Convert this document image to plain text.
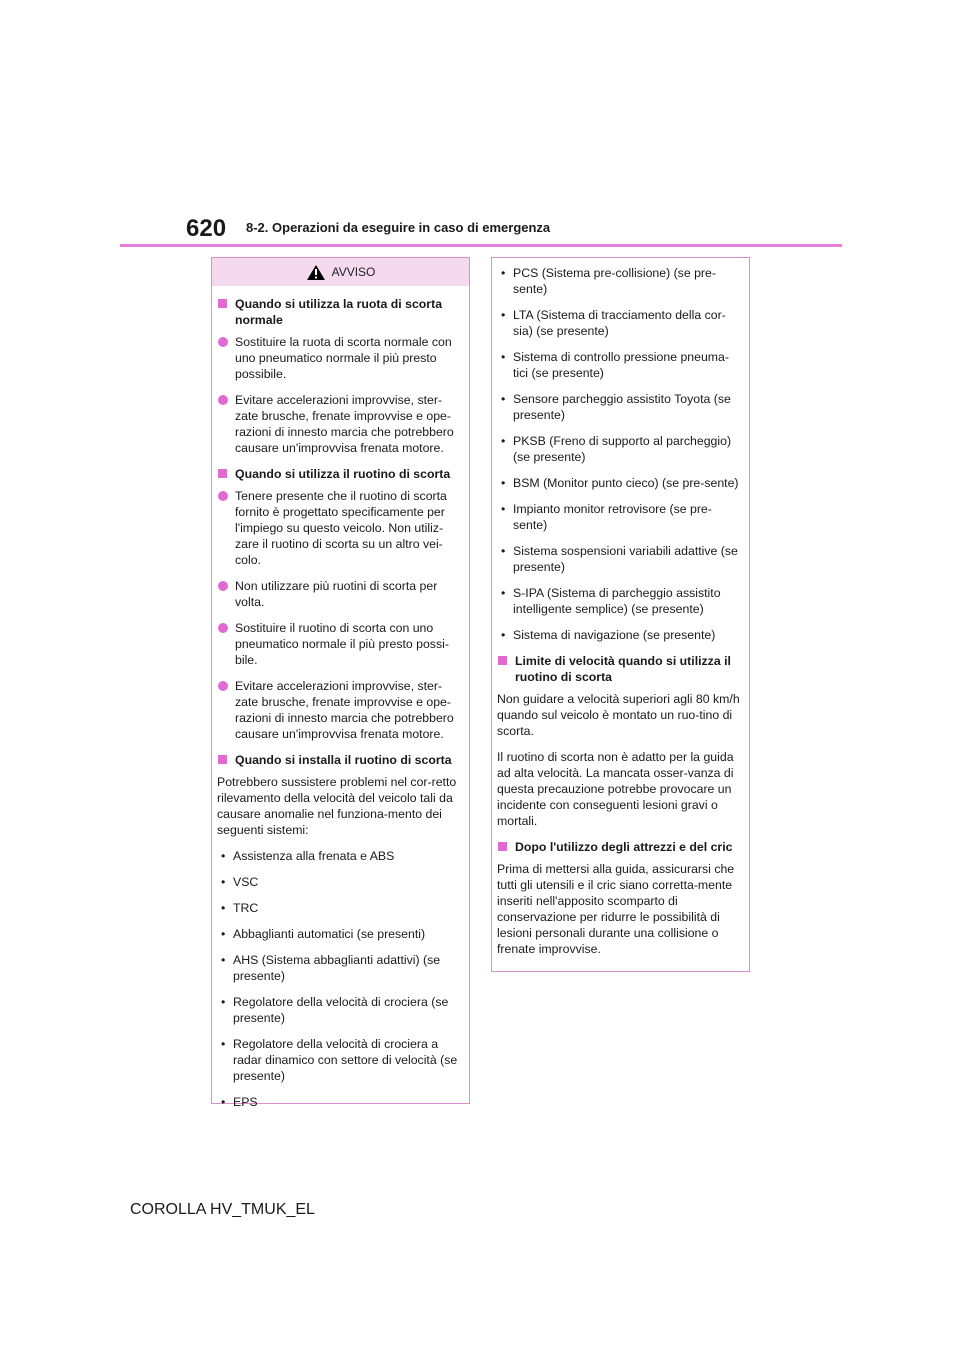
620 8-2. Operazioni da eseguire in caso di emergenza
AVVISO
Quando si utilizza la ruota di scorta normale
Sostituire la ruota di scorta normale con uno pneumatico normale il più presto possibile.
Evitare accelerazioni improvvise, ster-zate brusche, frenate improvvise e ope-razioni di innesto marcia che potrebbero causare un'improvvisa frenata motore.
Quando si utilizza il ruotino di scorta
Tenere presente che il ruotino di scorta fornito è progettato specificamente per l'impiego su questo veicolo. Non utiliz-zare il ruotino di scorta su un altro vei-colo.
Non utilizzare più ruotini di scorta per volta.
Sostituire il ruotino di scorta con uno pneumatico normale il più presto possi-bile.
Evitare accelerazioni improvvise, ster-zate brusche, frenate improvvise e ope-razioni di innesto marcia che potrebbero causare un'improvvisa frenata motore.
Quando si installa il ruotino di scorta
Potrebbero sussistere problemi nel cor-retto rilevamento della velocità del veicolo tali da causare anomalie nel funziona-mento dei seguenti sistemi:
• Assistenza alla frenata e ABS
• VSC
• TRC
• Abbaglianti automatici (se presenti)
• AHS (Sistema abbaglianti adattivi) (se presente)
• Regolatore della velocità di crociera (se presente)
• Regolatore della velocità di crociera a radar dinamico con settore di velocità (se presente)
• EPS
• PCS (Sistema pre-collisione) (se pre-sente)
• LTA (Sistema di tracciamento della cor-sia) (se presente)
• Sistema di controllo pressione pneuma-tici (se presente)
• Sensore parcheggio assistito Toyota (se presente)
• PKSB (Freno di supporto al parcheggio) (se presente)
• BSM (Monitor punto cieco) (se pre-sente)
• Impianto monitor retrovisore (se pre-sente)
• Sistema sospensioni variabili adattive (se presente)
• S-IPA (Sistema di parcheggio assistito intelligente semplice) (se presente)
• Sistema di navigazione (se presente)
Limite di velocità quando si utilizza il ruotino di scorta
Non guidare a velocità superiori agli 80 km/h quando sul veicolo è montato un ruo-tino di scorta.
Il ruotino di scorta non è adatto per la guida ad alta velocità. La mancata osser-vanza di questa precauzione potrebbe provocare un incidente con conseguenti lesioni gravi o mortali.
Dopo l'utilizzo degli attrezzi e del cric
Prima di mettersi alla guida, assicurarsi che tutti gli utensili e il cric siano corretta-mente inseriti nell'apposito scomparto di conservazione per ridurre le possibilità di lesioni personali durante una collisione o frenate improvvise.
COROLLA HV_TMUK_EL
